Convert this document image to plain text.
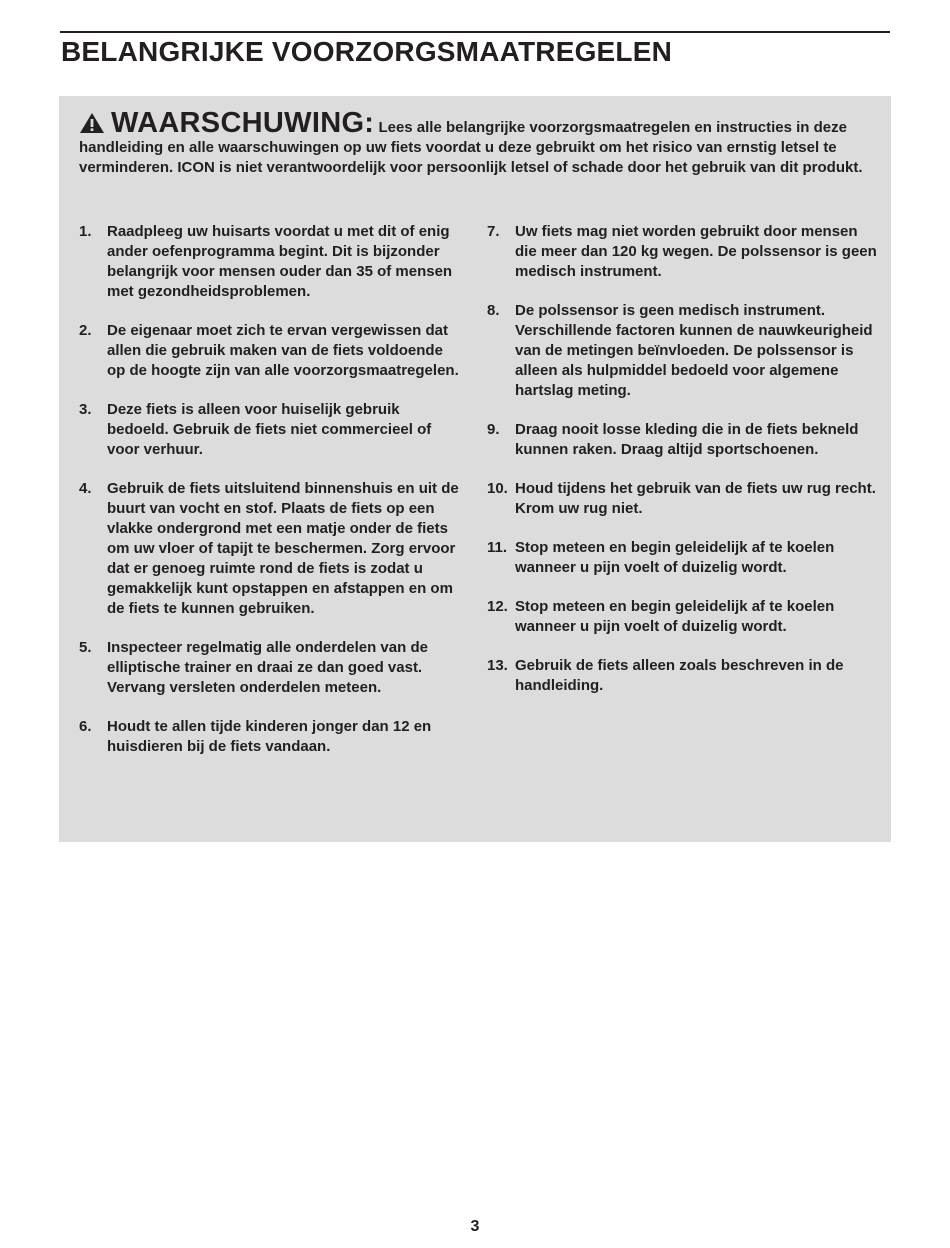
BELANGRIJKE VOORZORGSMAATREGELEN
WAARSCHUWING: Lees alle belangrijke voorzorgsmaatregelen en instructies in deze handleiding en alle waarschuwingen op uw fiets voordat u deze gebruikt om het risico van ernstig letsel te verminderen. ICON is niet verantwoordelijk voor persoonlijk letsel of schade door het gebruik van dit produkt.
1. Raadpleeg uw huisarts voordat u met dit of enig ander oefenprogramma begint. Dit is bijzonder belangrijk voor mensen ouder dan 35 of mensen met gezondheidsproblemen.
2. De eigenaar moet zich te ervan vergewissen dat allen die gebruik maken van de fiets voldoende op de hoogte zijn van alle voorzorgsmaatregelen.
3. Deze fiets is alleen voor huiselijk gebruik bedoeld. Gebruik de fiets niet commercieel of voor verhuur.
4. Gebruik de fiets uitsluitend binnenshuis en uit de buurt van vocht en stof. Plaats de fiets op een vlakke ondergrond met een matje onder de fiets om uw vloer of tapijt te beschermen. Zorg ervoor dat er genoeg ruimte rond de fiets is zodat u gemakkelijk kunt opstappen en afstappen en om de fiets te kunnen gebruiken.
5. Inspecteer regelmatig alle onderdelen van de elliptische trainer en draai ze dan goed vast. Vervang versleten onderdelen meteen.
6. Houdt te allen tijde kinderen jonger dan 12 en huisdieren bij de fiets vandaan.
7. Uw fiets mag niet worden gebruikt door mensen die meer dan 120 kg wegen. De polssensor is geen medisch instrument.
8. De polssensor is geen medisch instrument. Verschillende factoren kunnen de nauwkeurigheid van de metingen beïnvloeden. De polssensor is alleen als hulpmiddel bedoeld voor algemene hartslag meting.
9. Draag nooit losse kleding die in de fiets bekneld kunnen raken. Draag altijd sportschoenen.
10. Houd tijdens het gebruik van de fiets uw rug recht. Krom uw rug niet.
11. Stop meteen en begin geleidelijk af te koelen wanneer u pijn voelt of duizelig wordt.
12. Stop meteen en begin geleidelijk af te koelen wanneer u pijn voelt of duizelig wordt.
13. Gebruik de fiets alleen zoals beschreven in de handleiding.
3
